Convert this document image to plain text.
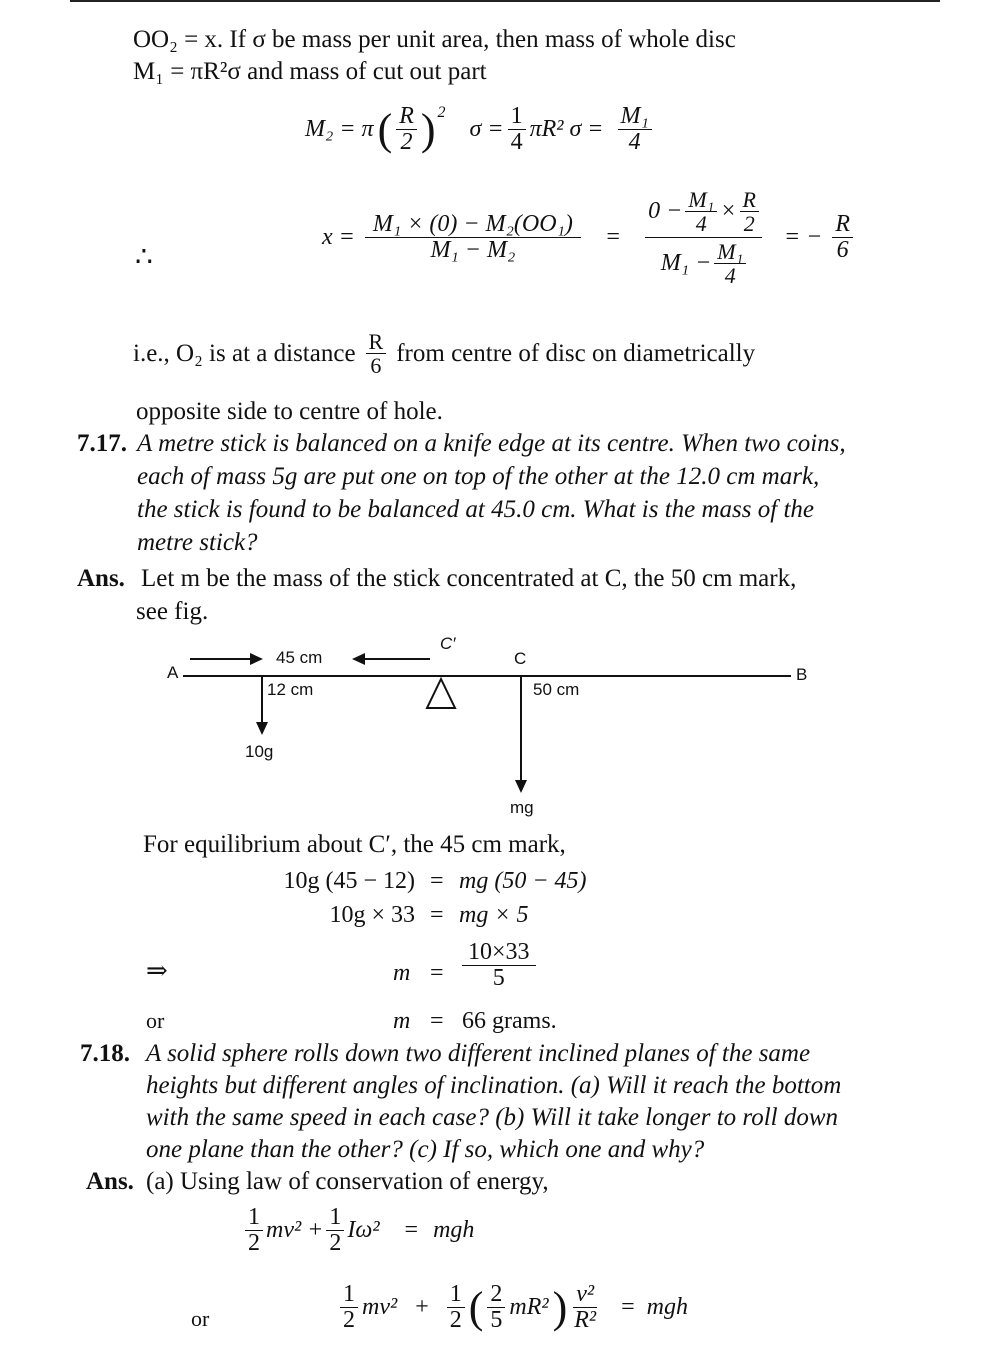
OO₂ = x. If σ be mass per unit area, then mass of whole disc
M₁ = πR²σ and mass of cut out part
M₂ = π ( $\frac{R}{2}$ ) 2
$\sigma = \frac{1}{4} \pi R^2$ $\sigma = \frac{\text{M₁}}{4}$
∴
$x = \frac{\text{M₁ × (0) − M₂(OO₁)}}{\text{M₁ − M₂}} = \frac{0 - \frac{\text{M₁}}{4} \times \frac{R}{2}}{M_1 - \frac{\text{M₁}}{4}}$ = − $\frac{R}{6}$
i.e., O₂ is at a distance $\frac{R}{6}$ from centre of disc on diametrically
opposite side to centre of hole.
7.17. A metre stick is balanced on a knife edge at its centre. When two coins,
each of mass 5g are put one on top of the other at the 12.0 cm mark,
the stick is found to be balanced at 45.0 cm. What is the mass of the
metre stick?
Ans. Let m be the mass of the stick concentrated at C, the 50 cm mark,
see fig.
A	B
45 cm
C′
12 cm
10g
C
50 cm
mg
For equilibrium about C′, the 45 cm mark,
10g (45 − 12) = mg (50 − 45)
10g × 33 = mg × 5
⇒	$m = \frac{10\times 33}{5}$
or	m = 66 grams.
7.18. A solid sphere rolls down two different inclined planes of the same
heights but different angles of inclination. (a) Will it reach the bottom
with the same speed in each case? (b) Will it take longer to roll down
one plane than the other? (c) If so, which one and why?
Ans. (a) Using law of conservation of energy,
$\frac{1}{2} mv^2 + \frac{1}{2} I\omega^2$ = mgh
or	$\frac{1}{2} mv^2 + \frac{1}{2}$ ( $\frac{2}{5} mR^2$ ) $\frac{\text{v²}}{\text{R²}}$ = mgh
